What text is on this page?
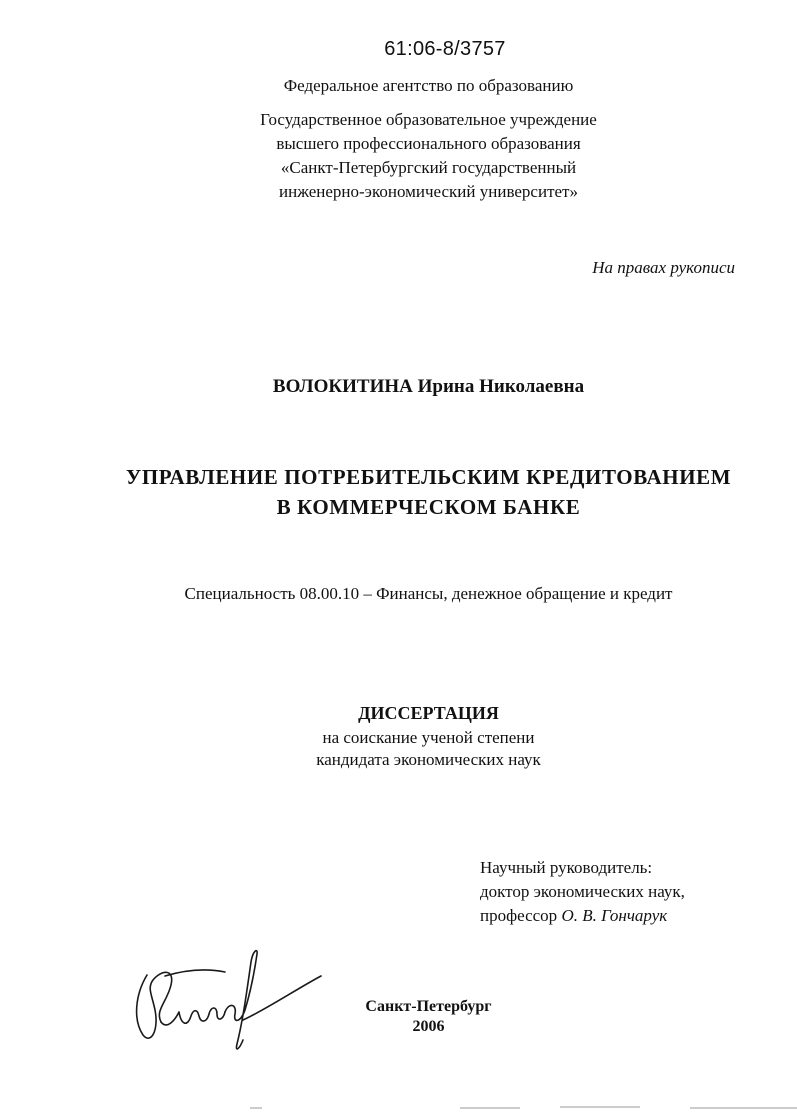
61:06-8/3757
Федеральное агентство по образованию
Государственное образовательное учреждение
высшего профессионального образования
«Санкт-Петербургский государственный
инженерно-экономический университет»
На правах рукописи
ВОЛОКИТИНА Ирина Николаевна
УПРАВЛЕНИЕ ПОТРЕБИТЕЛЬСКИМ КРЕДИТОВАНИЕМ
В КОММЕРЧЕСКОМ БАНКЕ
Специальность 08.00.10 – Финансы, денежное обращение и кредит
ДИССЕРТАЦИЯ
на соискание ученой степени
кандидата экономических наук
Научный руководитель:
доктор экономических наук,
профессор О. В. Гончарук
Санкт-Петербург
2006
